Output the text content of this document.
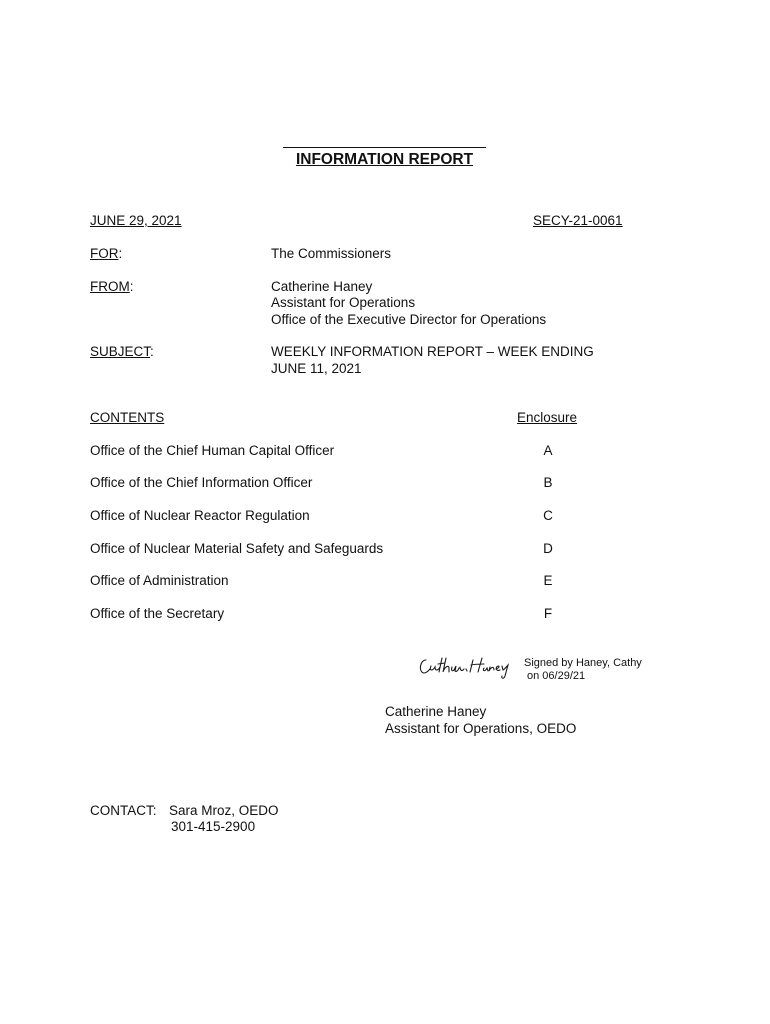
INFORMATION REPORT
JUNE 29, 2021	SECY-21-0061
FOR:	The Commissioners
FROM:	Catherine Haney
Assistant for Operations
Office of the Executive Director for Operations
SUBJECT:	WEEKLY INFORMATION REPORT – WEEK ENDING
JUNE 11, 2021
CONTENTS	Enclosure
Office of the Chief Human Capital Officer	A
Office of the Chief Information Officer	B
Office of Nuclear Reactor Regulation	C
Office of Nuclear Material Safety and Safeguards	D
Office of Administration	E
Office of the Secretary	F
Signed by Haney, Cathy
on 06/29/21
Catherine Haney
Assistant for Operations, OEDO
CONTACT: Sara Mroz, OEDO
301-415-2900
